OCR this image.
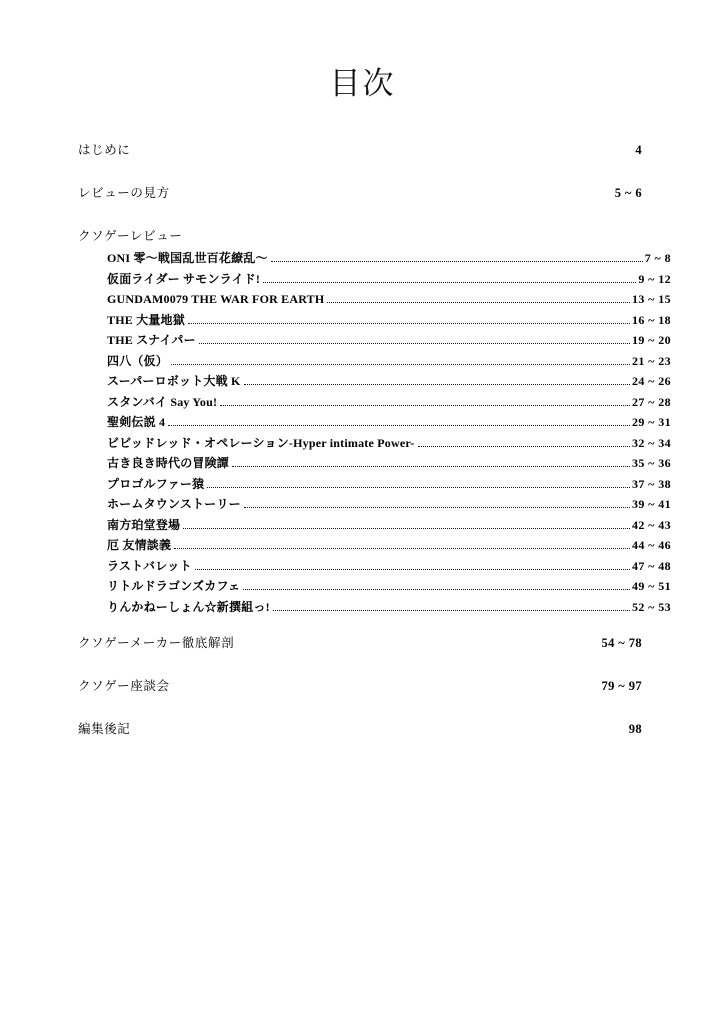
目次
はじめに	4
レビューの見方	5 ~ 6
クソゲーレビュー
ONI 零〜戦国乱世百花繚乱〜	7 ~ 8
仮面ライダー サモンライド!	9 ~ 12
GUNDAM0079 THE WAR FOR EARTH	13 ~ 15
THE 大量地獄	16 ~ 18
THE スナイパー	19 ~ 20
四八（仮）	21 ~ 23
スーパーロボット大戦 K	24 ~ 26
スタンバイ Say You!	27 ~ 28
聖剣伝説 4	29 ~ 31
ビビッドレッド・オペレーション-Hyper intimate Power-	32 ~ 34
古き良き時代の冒険譚	35 ~ 36
プロゴルファー猿	37 ~ 38
ホームタウンストーリー	39 ~ 41
南方珀堂登場	42 ~ 43
厄 友情談義	44 ~ 46
ラストバレット	47 ~ 48
リトルドラゴンズカフェ	49 ~ 51
りんかねーしょん☆新撰組っ!	52 ~ 53
クソゲーメーカー徹底解剖	54 ~ 78
クソゲー座談会	79 ~ 97
編集後記	98
